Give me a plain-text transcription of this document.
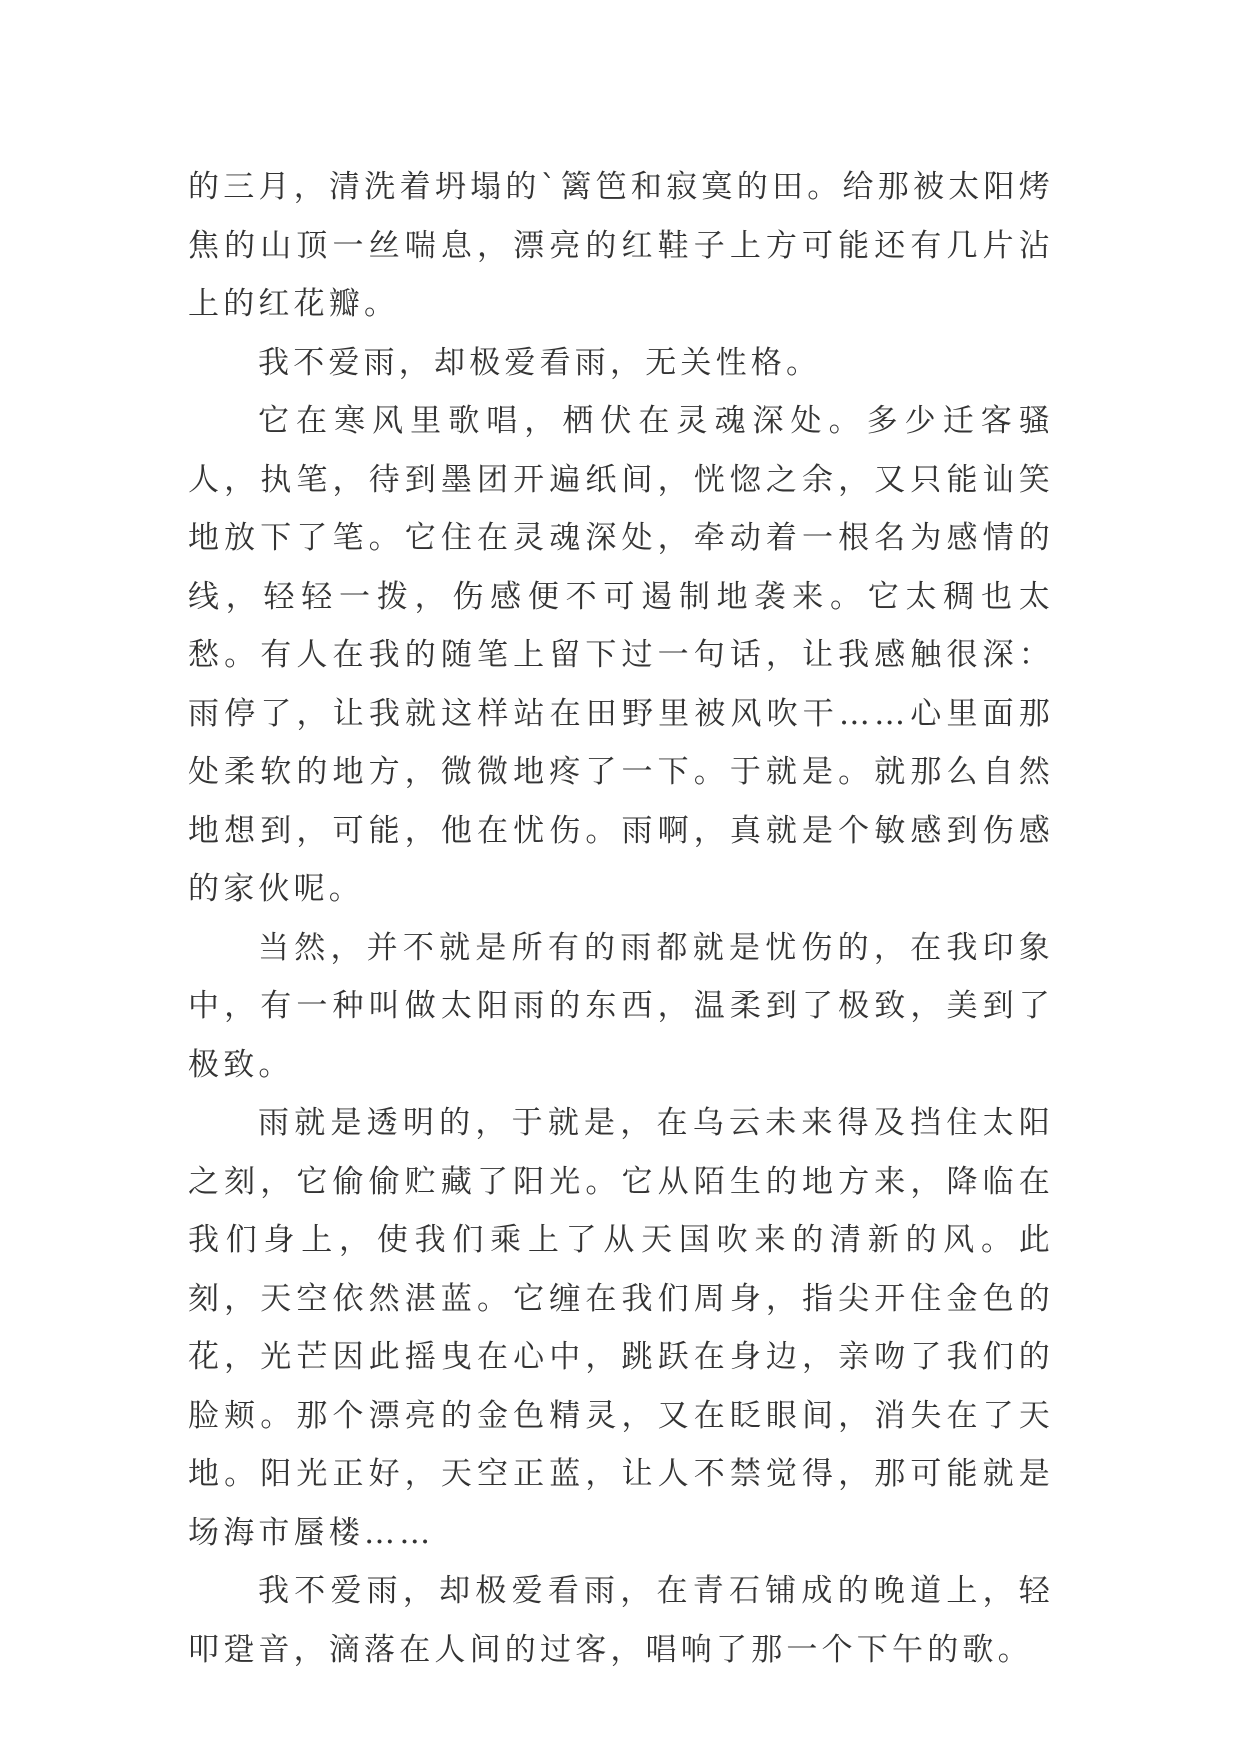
的三月，清洗着坍塌的`篱笆和寂寞的田。给那被太阳烤焦的山顶一丝喘息，漂亮的红鞋子上方可能还有几片沾上的红花瓣。

我不爱雨，却极爱看雨，无关性格。

它在寒风里歌唱，栖伏在灵魂深处。多少迁客骚人，执笔，待到墨团开遍纸间，恍惚之余，又只能讪笑地放下了笔。它住在灵魂深处，牵动着一根名为感情的线，轻轻一拨，伤感便不可遏制地袭来。它太稠也太愁。有人在我的随笔上留下过一句话，让我感触很深：雨停了，让我就这样站在田野里被风吹干……心里面那处柔软的地方，微微地疼了一下。于就是。就那么自然地想到，可能，他在忧伤。雨啊，真就是个敏感到伤感的家伙呢。

当然，并不就是所有的雨都就是忧伤的，在我印象中，有一种叫做太阳雨的东西，温柔到了极致，美到了极致。

雨就是透明的，于就是，在乌云未来得及挡住太阳之刻，它偷偷贮藏了阳光。它从陌生的地方来，降临在我们身上，使我们乘上了从天国吹来的清新的风。此刻，天空依然湛蓝。它缠在我们周身，指尖开住金色的花，光芒因此摇曳在心中，跳跃在身边，亲吻了我们的脸颊。那个漂亮的金色精灵，又在眨眼间，消失在了天地。阳光正好，天空正蓝，让人不禁觉得，那可能就是场海市蜃楼……

我不爱雨，却极爱看雨，在青石铺成的晚道上，轻叩跫音，滴落在人间的过客，唱响了那一个下午的歌。
